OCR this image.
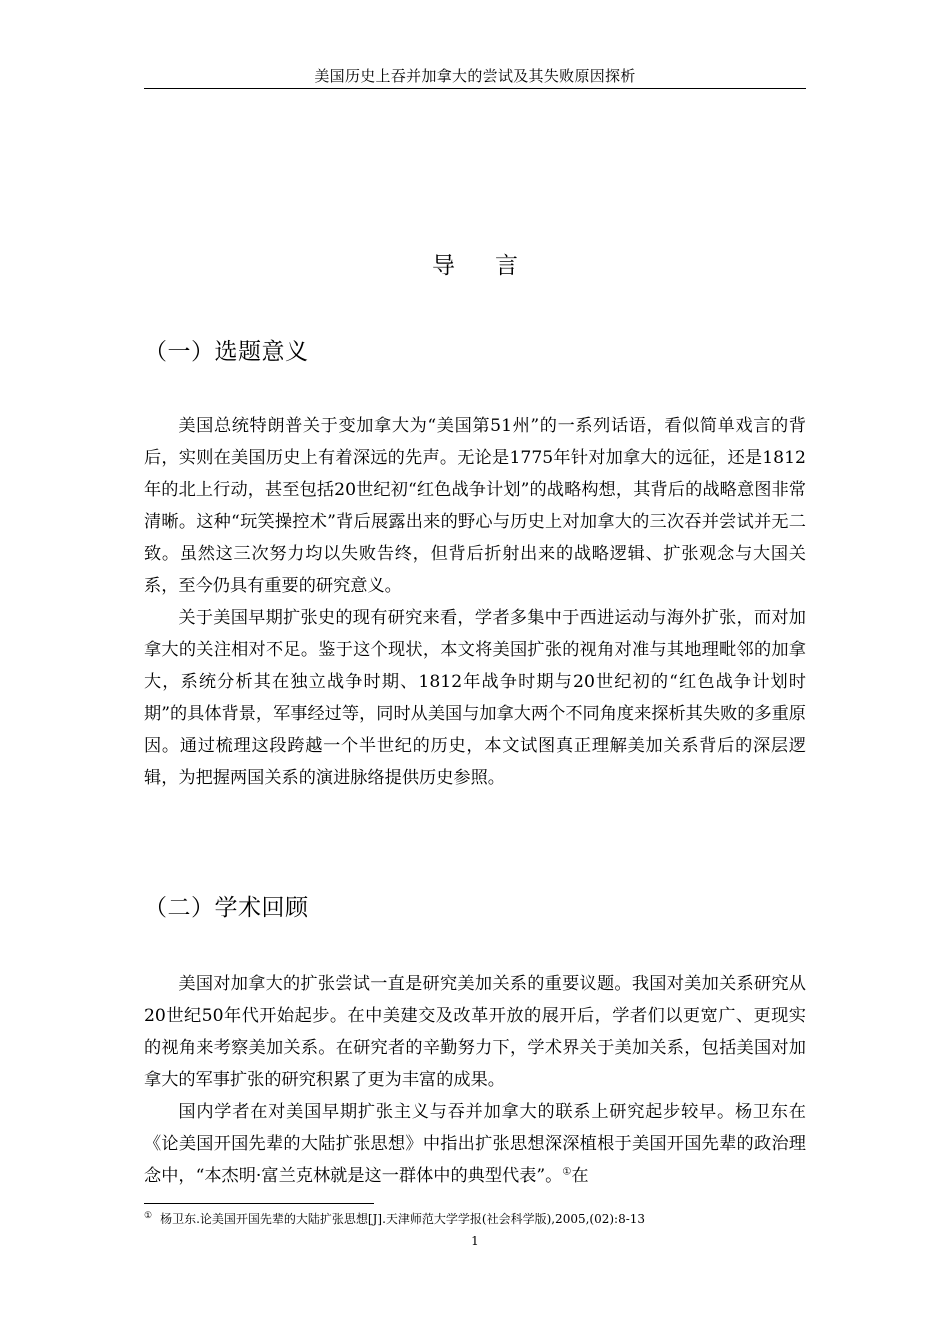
美国历史上吞并加拿大的尝试及其失败原因探析
导言
（一）选题意义

美国总统特朗普关于变加拿大为“美国第51州”的一系列话语，看似简单戏言的背后，实则在美国历史上有着深远的先声。无论是1775年针对加拿大的远征，还是1812年的北上行动，甚至包括20世纪初“红色战争计划”的战略构想，其背后的战略意图非常清晰。这种“玩笑操控术”背后展露出来的野心与历史上对加拿大的三次吞并尝试并无二致。虽然这三次努力均以失败告终，但背后折射出来的战略逻辑、扩张观念与大国关系，至今仍具有重要的研究意义。

关于美国早期扩张史的现有研究来看，学者多集中于西进运动与海外扩张，而对加拿大的关注相对不足。鉴于这个现状，本文将美国扩张的视角对准与其地理毗邻的加拿大，系统分析其在独立战争时期、1812年战争时期与20世纪初的“红色战争计划时期”的具体背景，军事经过等，同时从美国与加拿大两个不同角度来探析其失败的多重原因。通过梳理这段跨越一个半世纪的历史，本文试图真正理解美加关系背后的深层逻辑，为把握两国关系的演进脉络提供历史参照。

（二）学术回顾

美国对加拿大的扩张尝试一直是研究美加关系的重要议题。我国对美加关系研究从20世纪50年代开始起步。在中美建交及改革开放的展开后，学者们以更宽广、更现实的视角来考察美加关系。在研究者的辛勤努力下，学术界关于美加关系，包括美国对加拿大的军事扩张的研究积累了更为丰富的成果。

国内学者在对美国早期扩张主义与吞并加拿大的联系上研究起步较早。杨卫东在《论美国开国先辈的大陆扩张思想》中指出扩张思想深深植根于美国开国先辈的政治理念中，“本杰明·富兰克林就是这一群体中的典型代表”。①在

① 杨卫东.论美国开国先辈的大陆扩张思想[J].天津师范大学学报(社会科学版),2005,(02):8-13
1
